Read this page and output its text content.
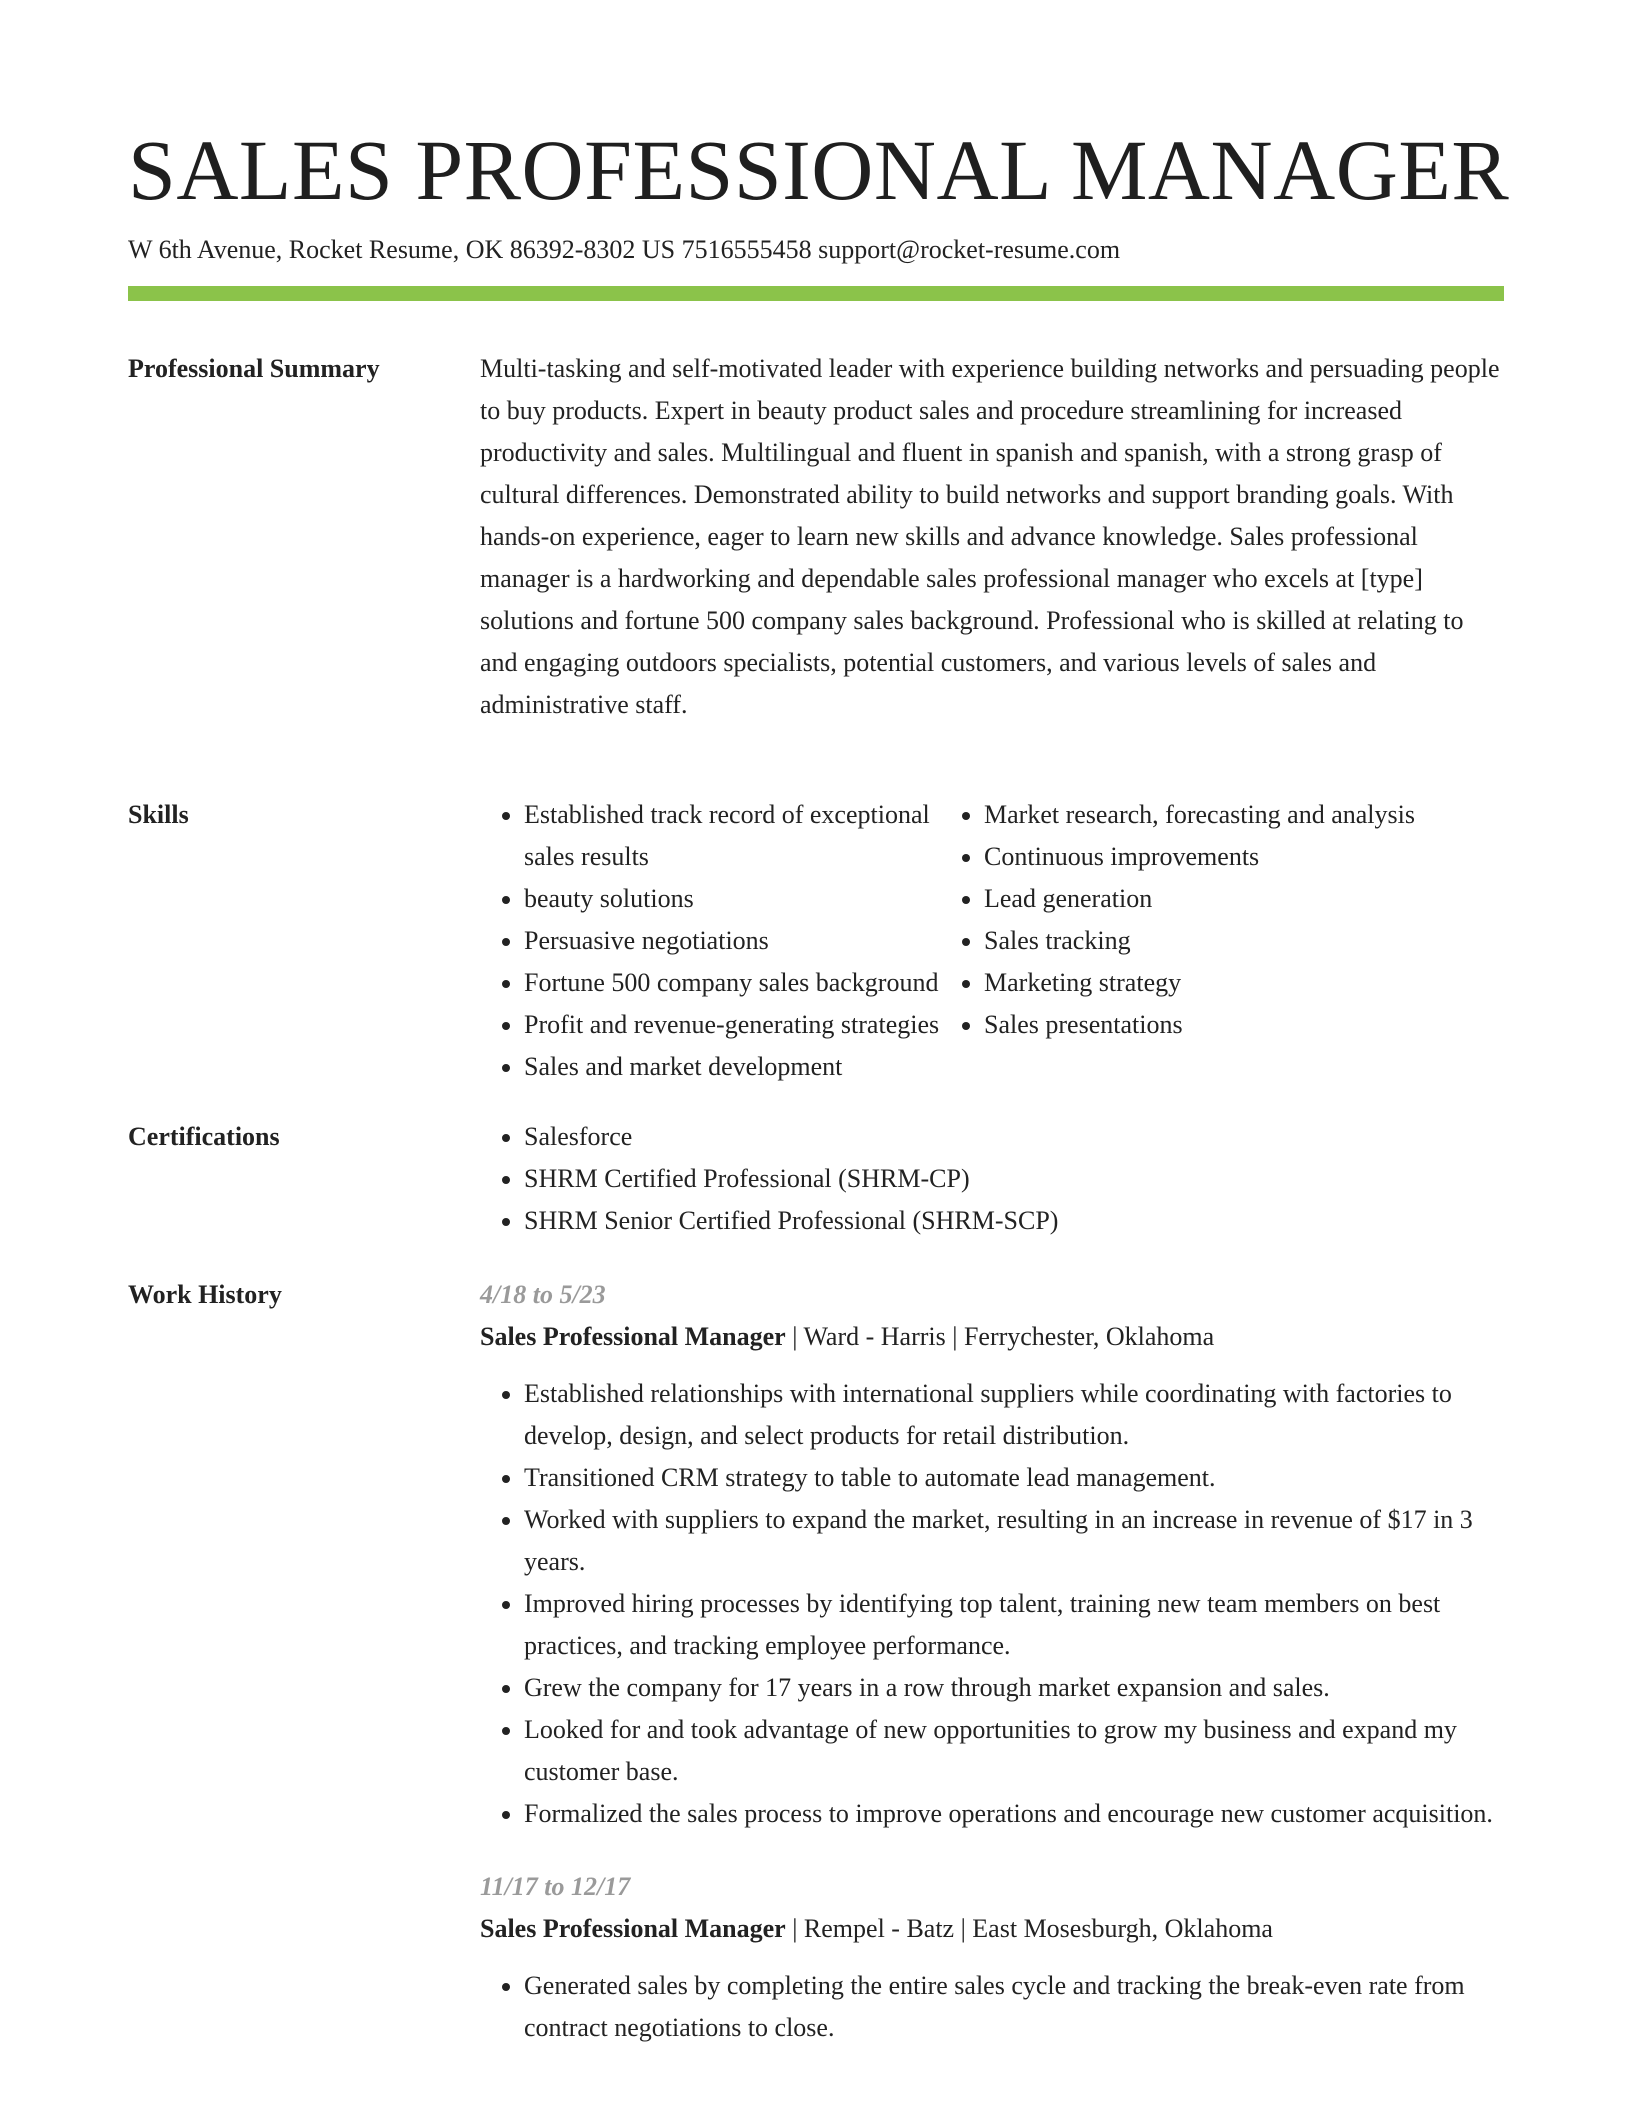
SALES PROFESSIONAL MANAGER
W 6th Avenue, Rocket Resume, OK 86392-8302 US 7516555458 support@rocket-resume.com
Professional Summary	Multi-tasking and self-motivated leader with experience building networks and persuading people to buy products. Expert in beauty product sales and procedure streamlining for increased productivity and sales. Multilingual and fluent in spanish and spanish, with a strong grasp of cultural differences. Demonstrated ability to build networks and support branding goals. With hands-on experience, eager to learn new skills and advance knowledge. Sales professional manager is a hardworking and dependable sales professional manager who excels at [type] solutions and fortune 500 company sales background. Professional who is skilled at relating to and engaging outdoors specialists, potential customers, and various levels of sales and administrative staff.

Skills	• Established track record of exceptional sales results
• beauty solutions
• Persuasive negotiations
• Fortune 500 company sales background
• Profit and revenue-generating strategies
• Sales and market development
• Market research, forecasting and analysis
• Continuous improvements
• Lead generation
• Sales tracking
• Marketing strategy
• Sales presentations
Certifications	• Salesforce
• SHRM Certified Professional (SHRM-CP)
• SHRM Senior Certified Professional (SHRM-SCP)
Work History	4/18 to 5/23
Sales Professional Manager | Ward - Harris | Ferrychester, Oklahoma
• Established relationships with international suppliers while coordinating with factories to develop, design, and select products for retail distribution.
• Transitioned CRM strategy to table to automate lead management.
• Worked with suppliers to expand the market, resulting in an increase in revenue of $17 in 3 years.
• Improved hiring processes by identifying top talent, training new team members on best practices, and tracking employee performance.
• Grew the company for 17 years in a row through market expansion and sales.
• Looked for and took advantage of new opportunities to grow my business and expand my customer base.
• Formalized the sales process to improve operations and encourage new customer acquisition.
11/17 to 12/17
Sales Professional Manager | Rempel - Batz | East Mosesburgh, Oklahoma
• Generated sales by completing the entire sales cycle and tracking the break-even rate from contract negotiations to close.
